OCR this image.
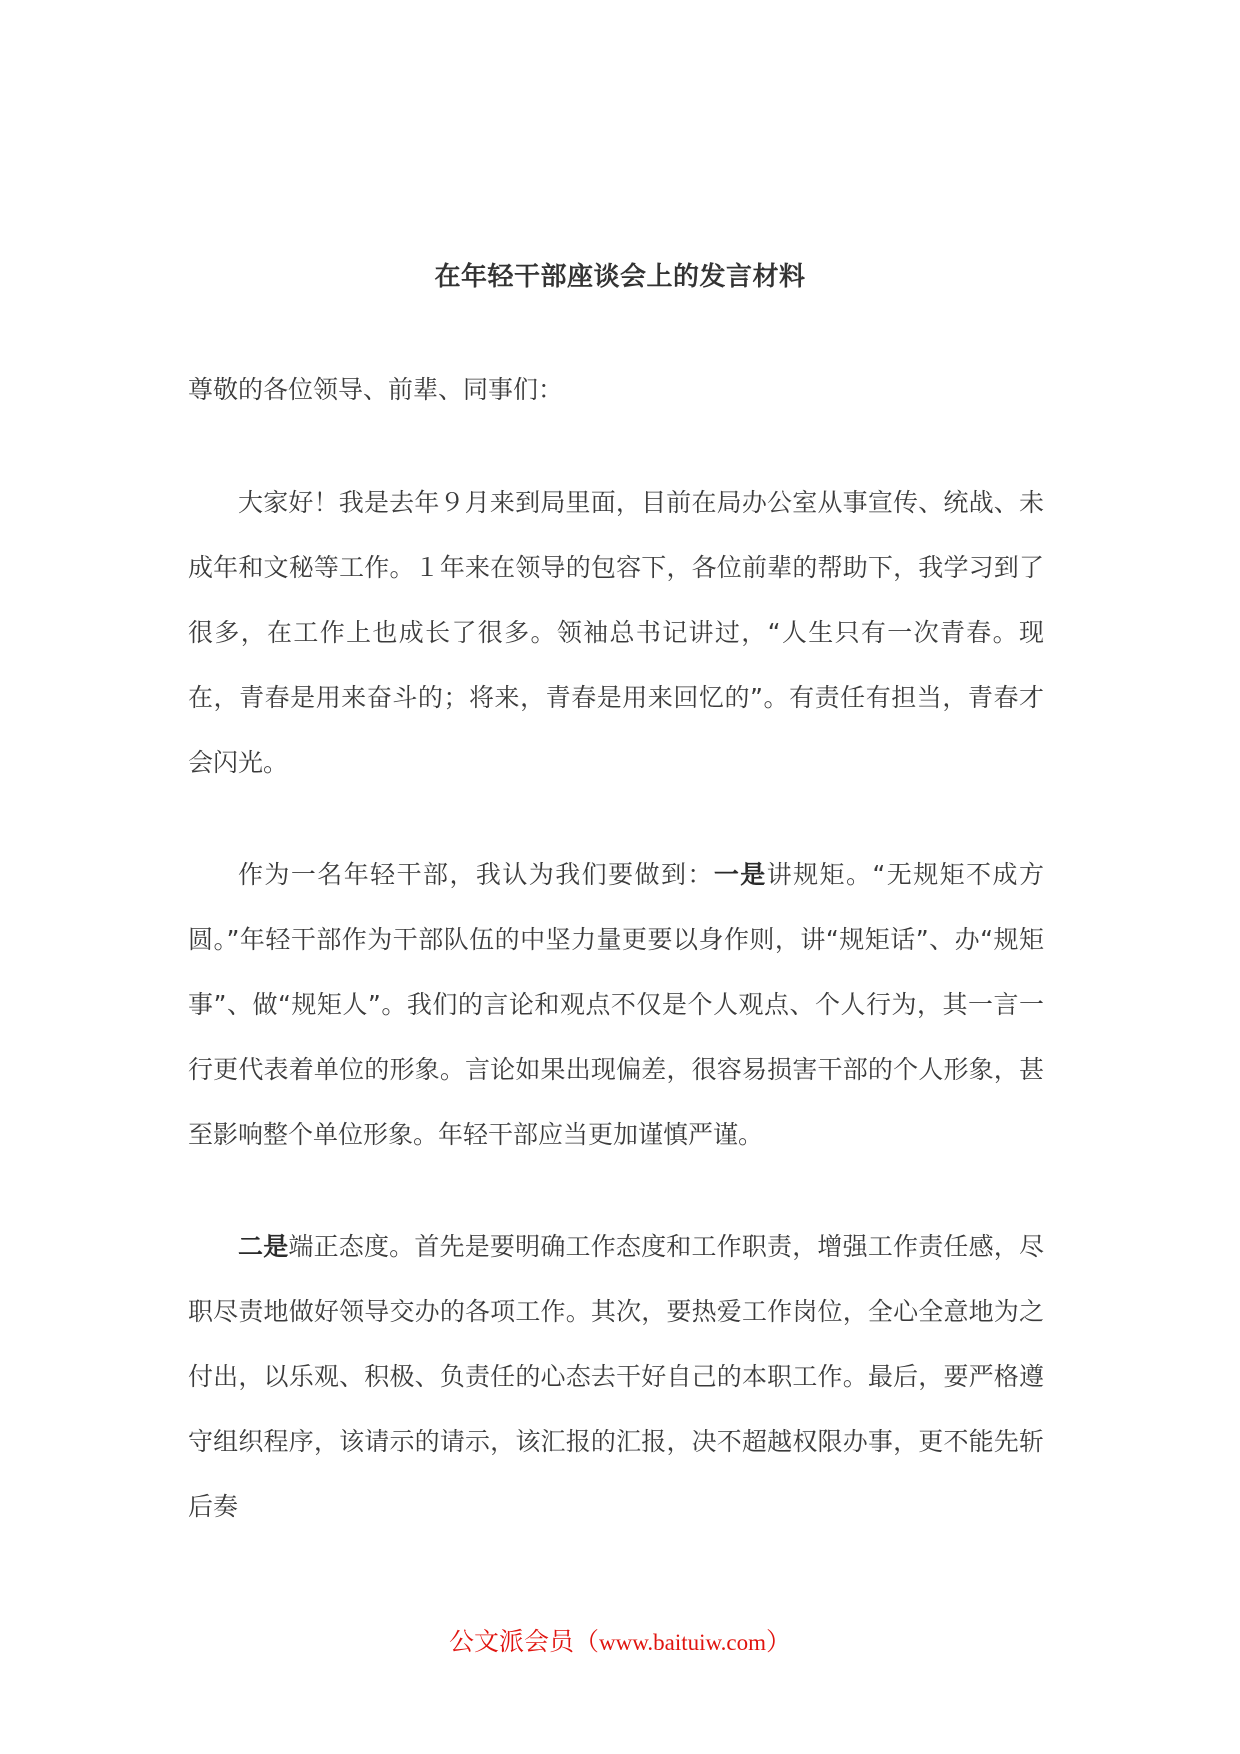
在年轻干部座谈会上的发言材料
尊敬的各位领导、前辈、同事们：

大家好！我是去年９月来到局里面，目前在局办公室从事宣传、统战、未成年和文秘等工作。１年来在领导的包容下，各位前辈的帮助下，我学习到了很多，在工作上也成长了很多。领袖总书记讲过，“人生只有一次青春。现在，青春是用来奋斗的；将来，青春是用来回忆的”。有责任有担当，青春才会闪光。

作为一名年轻干部，我认为我们要做到：一是讲规矩。“无规矩不成方圆。”年轻干部作为干部队伍的中坚力量更要以身作则，讲“规矩话”、办“规矩事”、做“规矩人”。我们的言论和观点不仅是个人观点、个人行为，其一言一行更代表着单位的形象。言论如果出现偏差，很容易损害干部的个人形象，甚至影响整个单位形象。年轻干部应当更加谨慎严谨。

二是端正态度。首先是要明确工作态度和工作职责，增强工作责任感，尽职尽责地做好领导交办的各项工作。其次，要热爱工作岗位，全心全意地为之付出，以乐观、积极、负责任的心态去干好自己的本职工作。最后，要严格遵守组织程序，该请示的请示，该汇报的汇报，决不超越权限办事，更不能先斩后奏

公文派会员（www.baituiw.com）
